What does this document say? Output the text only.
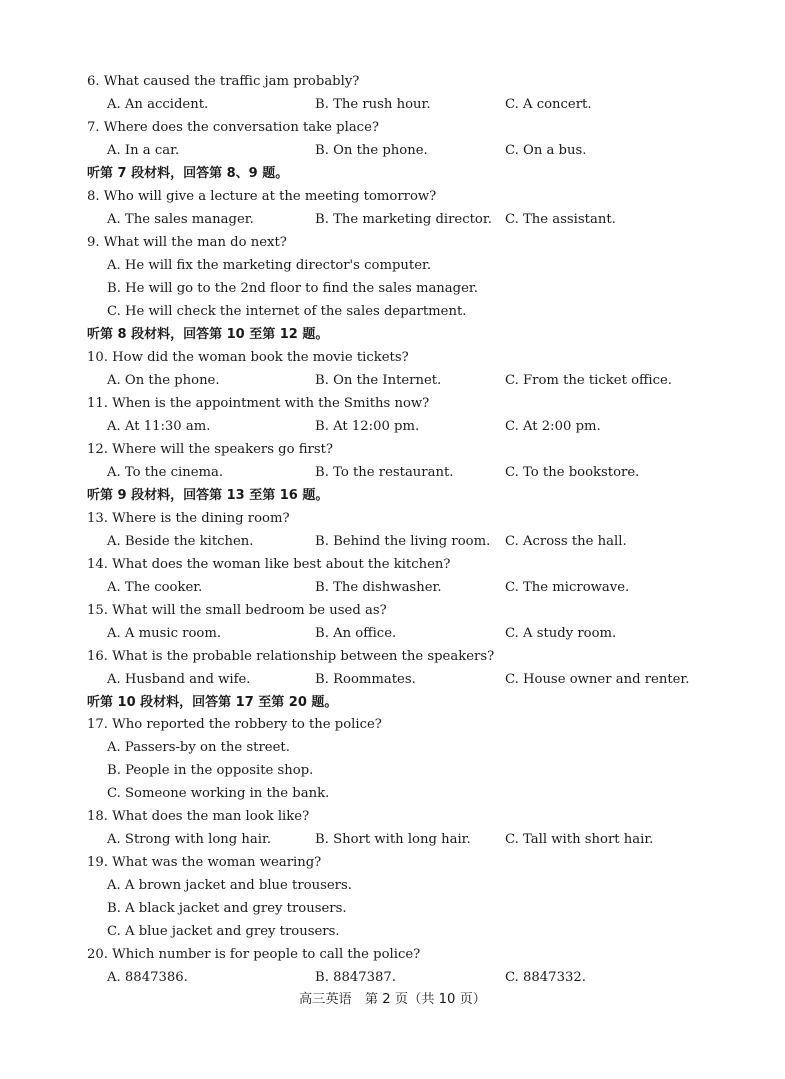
6. What caused the traffic jam probably?
A. An accident.	B. The rush hour.	C. A concert.
7. Where does the conversation take place?
A. In a car.	B. On the phone.	C. On a bus.
听第 7 段材料，回答第 8、9 题。
8. Who will give a lecture at the meeting tomorrow?
A. The sales manager.	B. The marketing director. C. The assistant.
9. What will the man do next?
A. He will fix the marketing director's computer.
B. He will go to the 2nd floor to find the sales manager.
C. He will check the internet of the sales department.
听第 8 段材料，回答第 10 至第 12 题。
10. How did the woman book the movie tickets?
A. On the phone.	B. On the Internet.	C. From the ticket office.
11. When is the appointment with the Smiths now?
A. At 11:30 am.	B. At 12:00 pm.	C. At 2:00 pm.
12. Where will the speakers go first?
A. To the cinema.	B. To the restaurant.	C. To the bookstore.
听第 9 段材料，回答第 13 至第 16 题。
13. Where is the dining room?
A. Beside the kitchen.	B. Behind the living room. C. Across the hall.
14. What does the woman like best about the kitchen?
A. The cooker.	B. The dishwasher.	C. The microwave.
15. What will the small bedroom be used as?
A. A music room.	B. An office.	C. A study room.
16. What is the probable relationship between the speakers?
A. Husband and wife.	B. Roommates.	C. House owner and renter.
听第 10 段材料，回答第 17 至第 20 题。
17. Who reported the robbery to the police?
A. Passers-by on the street.
B. People in the opposite shop.
C. Someone working in the bank.
18. What does the man look like?
A. Strong with long hair.	B. Short with long hair.	C. Tall with short hair.
19. What was the woman wearing?
A. A brown jacket and blue trousers.
B. A black jacket and grey trousers.
C. A blue jacket and grey trousers.
20. Which number is for people to call the police?
A. 8847386.	B. 8847387.	C. 8847332.
高三英语　第 2 页（共 10 页）
